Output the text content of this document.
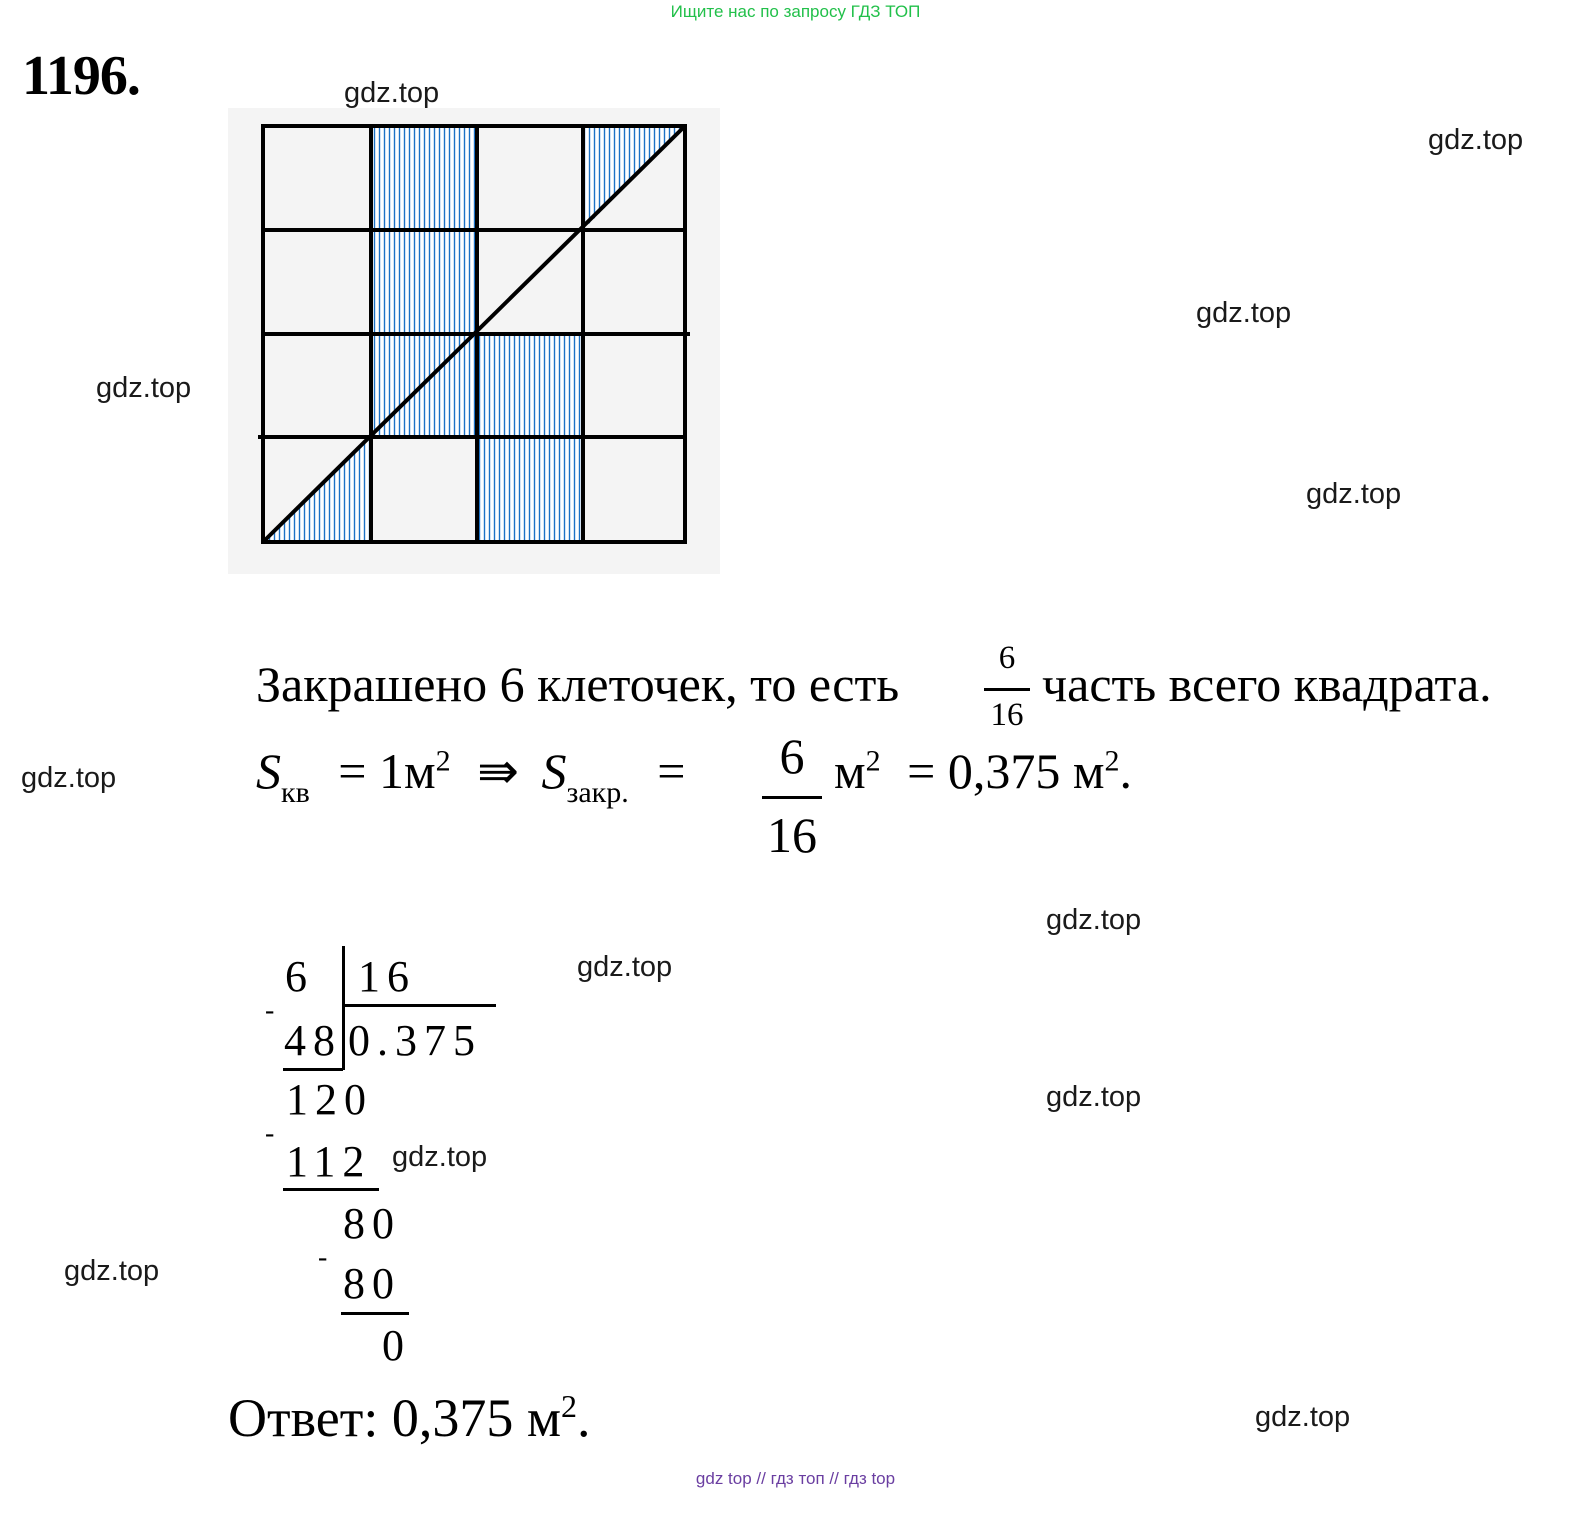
Ищите нас по запросу ГДЗ ТОП
1196.
Закрашено 6 клеточек, то есть	6
16
часть всего квадрата.
$S_{кв} = 1м^2$ ⇛ $S_{закр.}$ =	6
16
$м^2 = 0,375$ $м^2$.
6 16
-
48 0.375
120
-
112
80
-
80
0
Ответ: 0,375 $м^2$.
gdz.top
gdz.top
gdz.top
gdz.top
gdz.top
gdz.top
gdz.top
gdz.top
gdz.top
gdz.top
gdz.top
gdz.top
gdz top // гдз топ // гдз top
